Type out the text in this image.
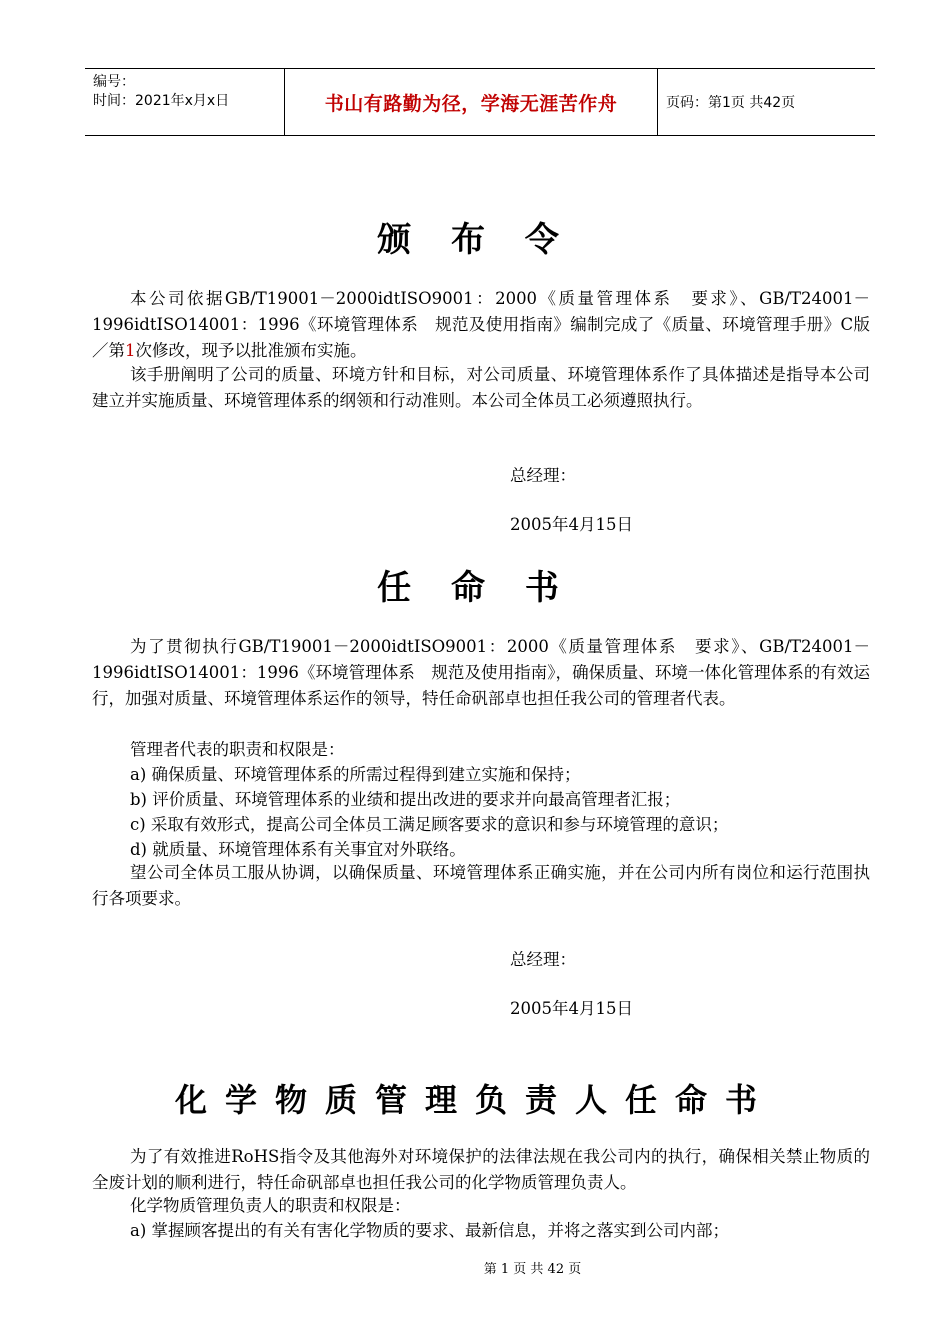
编号：
时间：2021年x月x日	书山有路勤为径，学海无涯苦作舟	页码：第1页 共42页
颁 布 令
本公司依据GB/T19001－2000idtISO9001：2000《质量管理体系　要求》、GB/T24001－1996idtISO14001：1996《环境管理体系　规范及使用指南》编制完成了《质量、环境管理手册》C版／第1次修改，现予以批准颁布实施。
该手册阐明了公司的质量、环境方针和目标，对公司质量、环境管理体系作了具体描述是指导本公司建立并实施质量、环境管理体系的纲领和行动准则。本公司全体员工必须遵照执行。
总经理：
2005年4月15日
任 命 书
为了贯彻执行GB/T19001－2000idtISO9001：2000《质量管理体系　要求》、GB/T24001－1996idtISO14001：1996《环境管理体系　规范及使用指南》，确保质量、环境一体化管理体系的有效运行，加强对质量、环境管理体系运作的领导，特任命矾部卓也担任我公司的管理者代表。
管理者代表的职责和权限是：
a) 确保质量、环境管理体系的所需过程得到建立实施和保持；
b) 评价质量、环境管理体系的业绩和提出改进的要求并向最高管理者汇报；
c) 采取有效形式，提高公司全体员工满足顾客要求的意识和参与环境管理的意识；
d) 就质量、环境管理体系有关事宜对外联络。
望公司全体员工服从协调，以确保质量、环境管理体系正确实施，并在公司内所有岗位和运行范围执行各项要求。
总经理：
2005年4月15日
化学物质管理负责人任命书
为了有效推进RoHS指令及其他海外对环境保护的法律法规在我公司内的执行，确保相关禁止物质的全废计划的顺利进行，特任命矾部卓也担任我公司的化学物质管理负责人。
化学物质管理负责人的职责和权限是：
a) 掌握顾客提出的有关有害化学物质的要求、最新信息，并将之落实到公司内部；
第 1 页 共 42 页
